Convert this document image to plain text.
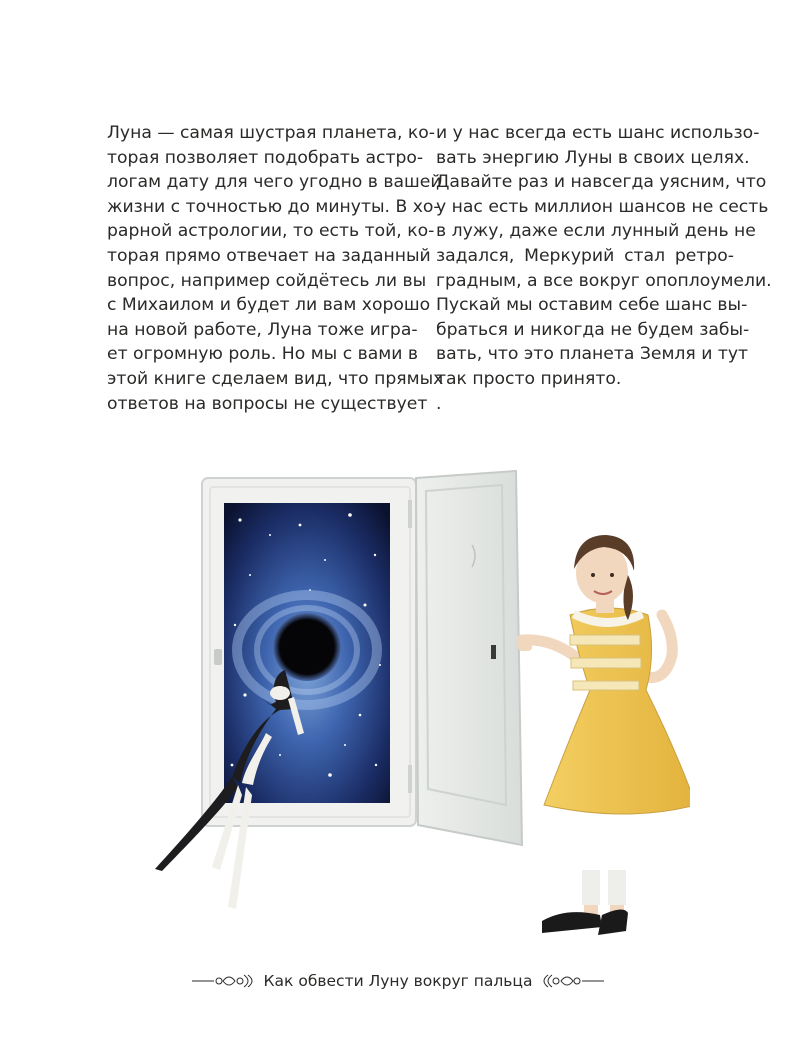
Луна — самая шустрая планета, ко-
торая позволяет подобрать астро-
логам дату для чего угодно в вашей
жизни с точностью до минуты. В хо-
рарной астрологии, то есть той, ко-
торая прямо отвечает на заданный
вопрос, например сойдётесь ли вы
с Михаилом и будет ли вам хорошо
на новой работе, Луна тоже игра-
ет огромную роль. Но мы с вами в
этой книге сделаем вид, что прямых
ответов на вопросы не существует
и у нас всегда есть шанс использо-
вать энергию Луны в своих целях.
Давайте раз и навсегда уясним, что
у нас есть миллион шансов не сесть
в лужу, даже если лунный день не
задался, Меркурий стал ретро-
градным, а все вокруг опоплоумели.
Пускай мы оставим себе шанс вы-
браться и никогда не будем забы-
вать, что это планета Земля и тут
так просто принято.
.
Как обвести Луну вокруг пальца
